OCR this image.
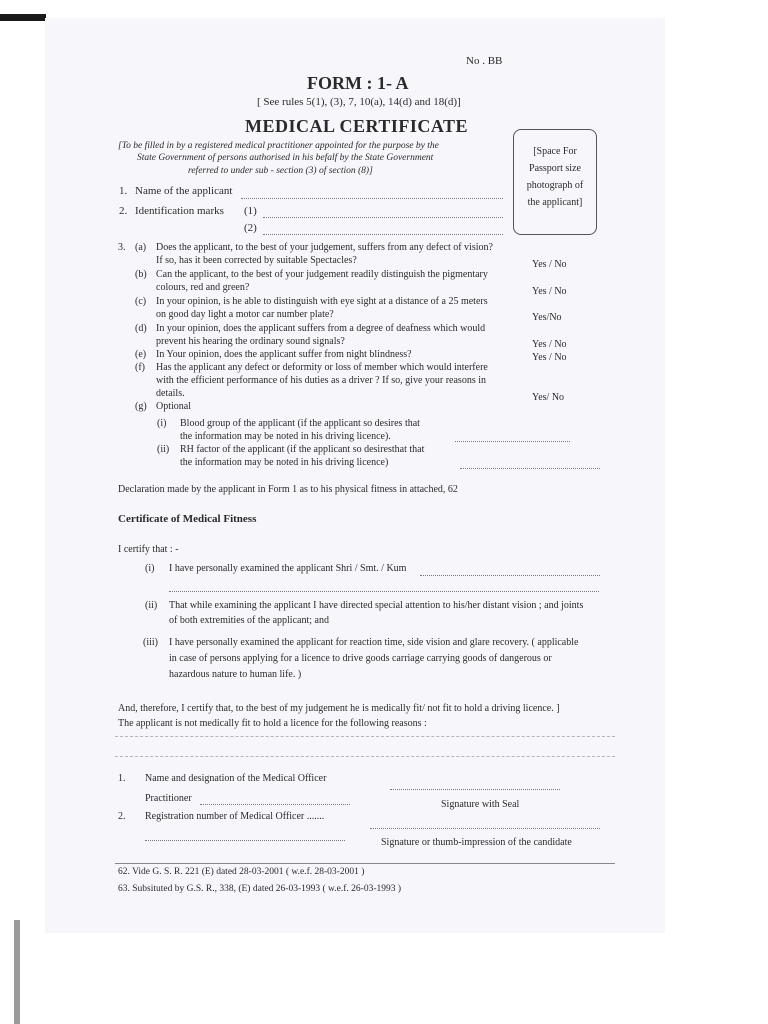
No . BB
FORM : 1- A
[ See rules 5(1), (3), 7, 10(a), 14(d) and 18(d)]
MEDICAL CERTIFICATE
[To be filled in by a registered medical practitioner appointed for the purpose by the
State Government of persons authorised in his befalf by the State Government
referred to under sub - section (3) of section (8)]
[Space For
Passport size
photograph of
the applicant]
1. Name of the applicant
2. Identification marks (1)
(2)
3. (a) Does the applicant, to the best of your judgement, suffers from any defect of vision?
If so, has it been corrected by suitable Spectacles?
(b) Can the applicant, to the best of your judgement readily distinguish the pigmentary
colours, red and green?
(c) In your opinion, is he able to distinguish with eye sight at a distance of a 25 meters
on good day light a motor car number plate?
(d) In your opinion, does the applicant suffers from a degree of deafness which would
prevent his hearing the ordinary sound signals?
(e) In Your opinion, does the applicant suffer from night blindness?
(f) Has the applicant any defect or deformity or loss of member which would interfere
with the efficient performance of his duties as a driver ? If so, give your reasons in
details.
(g) Optional
Yes / No
Yes / No
Yes/No
Yes / No
Yes / No
Yes/ No
(i) Blood group of the applicant (if the applicant so desires that
the information may be noted in his driving licence).
(ii) RH factor of the applicant (if the applicant so desiresthat that
the information may be noted in his driving licence)
Declaration made by the applicant in Form 1 as to his physical fitness in attached, 62
Certificate of Medical Fitness
I certify that : -
(i) I have personally examined the applicant Shri / Smt. / Kum
(ii) That while examining the applicant I have directed special attention to his/her distant vision ; and joints
of both extremities of the applicant; and
(iii) I have personally examined the applicant for reaction time, side vision and glare recovery. ( applicable
in case of persons applying for a licence to drive goods carriage carrying goods of dangerous or
hazardous nature to human life. )
And, therefore, I certify that, to the best of my judgement he is medically fit/ not fit to hold a driving licence. ]
The applicant is not medically fit to hold a licence for the following reasons :
1. Name and designation of the Medical Officer
Practitioner
Signature with Seal
2. Registration number of Medical Officer .......
Signature or thumb-impression of the candidate
62. Vide G. S. R. 221 (E) dated 28-03-2001 ( w.e.f. 28-03-2001 )
63. Subsituted by G.S. R., 338, (E) dated 26-03-1993 ( w.e.f. 26-03-1993 )
